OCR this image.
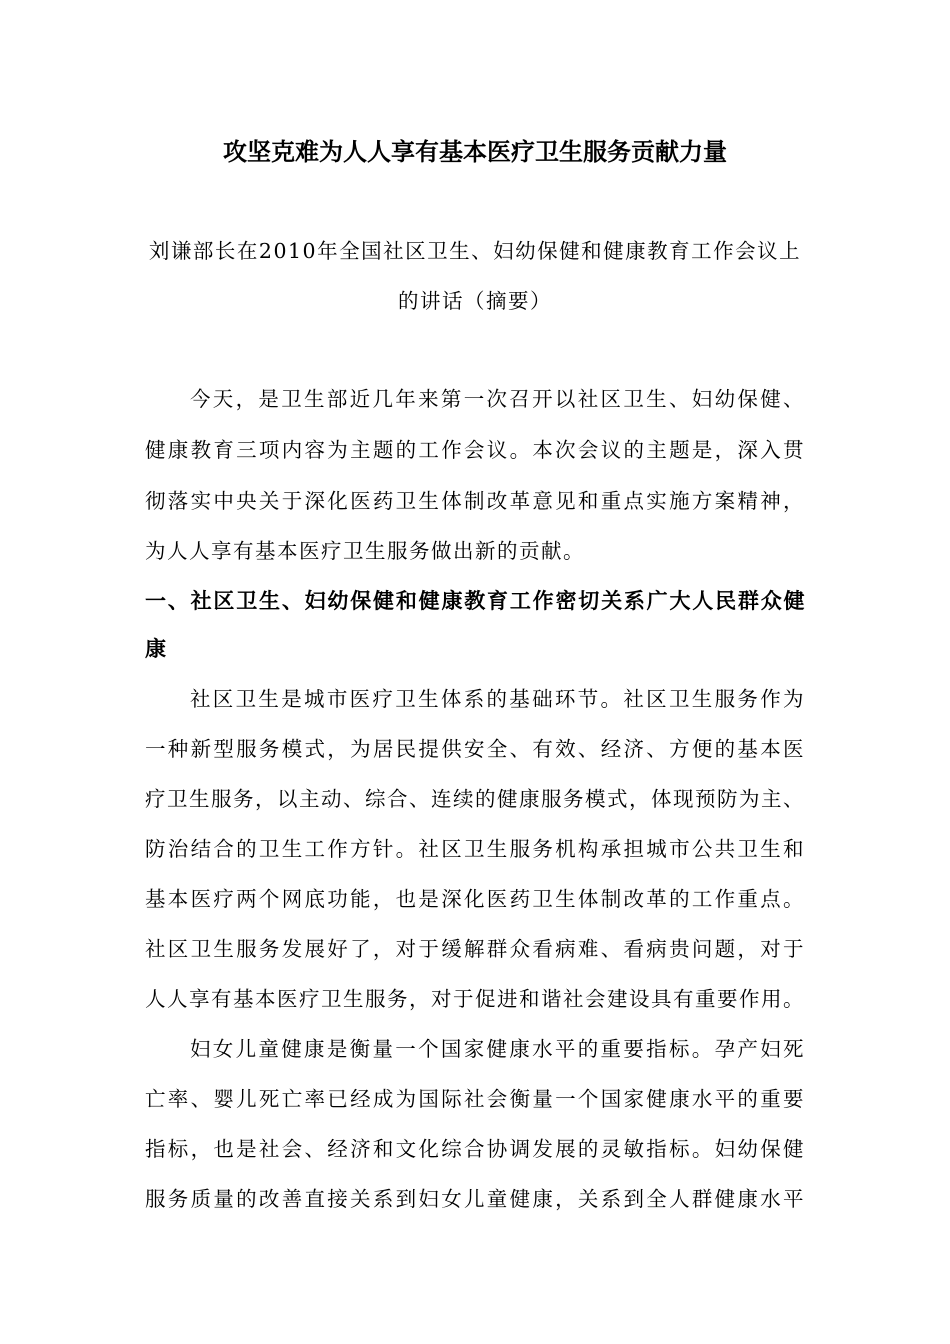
攻坚克难为人人享有基本医疗卫生服务贡献力量

刘谦部长在2010年全国社区卫生、妇幼保健和健康教育工作会议上

的讲话（摘要）

今天，是卫生部近几年来第一次召开以社区卫生、妇幼保健、

健康教育三项内容为主题的工作会议。本次会议的主题是，深入贯

彻落实中央关于深化医药卫生体制改革意见和重点实施方案精神，

为人人享有基本医疗卫生服务做出新的贡献。

一、社区卫生、妇幼保健和健康教育工作密切关系广大人民群众健

康

社区卫生是城市医疗卫生体系的基础环节。社区卫生服务作为

一种新型服务模式，为居民提供安全、有效、经济、方便的基本医

疗卫生服务，以主动、综合、连续的健康服务模式，体现预防为主、

防治结合的卫生工作方针。社区卫生服务机构承担城市公共卫生和

基本医疗两个网底功能，也是深化医药卫生体制改革的工作重点。

社区卫生服务发展好了，对于缓解群众看病难、看病贵问题，对于

人人享有基本医疗卫生服务，对于促进和谐社会建设具有重要作用。

妇女儿童健康是衡量一个国家健康水平的重要指标。孕产妇死

亡率、婴儿死亡率已经成为国际社会衡量一个国家健康水平的重要

指标，也是社会、经济和文化综合协调发展的灵敏指标。妇幼保健

服务质量的改善直接关系到妇女儿童健康，关系到全人群健康水平
